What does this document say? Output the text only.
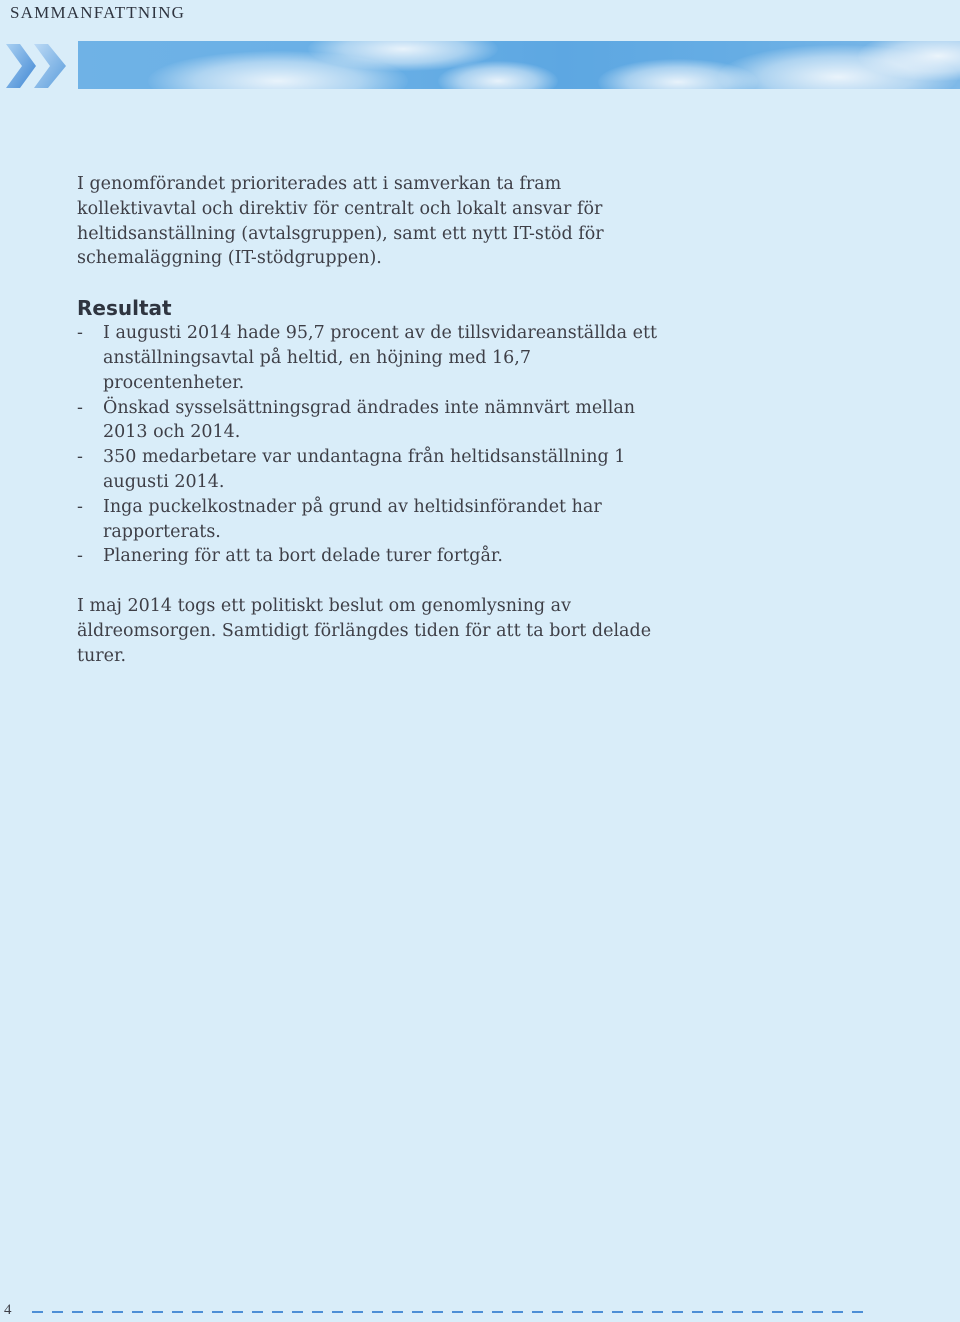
SAMMANFATTNING

I genomförandet prioriterades att i samverkan ta fram kollektivavtal och direktiv för centralt och lokalt ansvar för heltidsanställning (avtalsgruppen), samt ett nytt IT-stöd för schemaläggning (IT-stödgruppen).

Resultat
- I augusti 2014 hade 95,7 procent av de tillsvidareanställda ett anställningsavtal på heltid, en höjning med 16,7 procentenheter.
- Önskad sysselsättningsgrad ändrades inte nämnvärt mellan 2013 och 2014.
- 350 medarbetare var undantagna från heltidsanställning 1 augusti 2014.
- Inga puckelkostnader på grund av heltidsinförandet har rapporterats.
- Planering för att ta bort delade turer fortgår.

I maj 2014 togs ett politiskt beslut om genomlysning av äldreomsorgen. Samtidigt förlängdes tiden för att ta bort delade turer.

4
